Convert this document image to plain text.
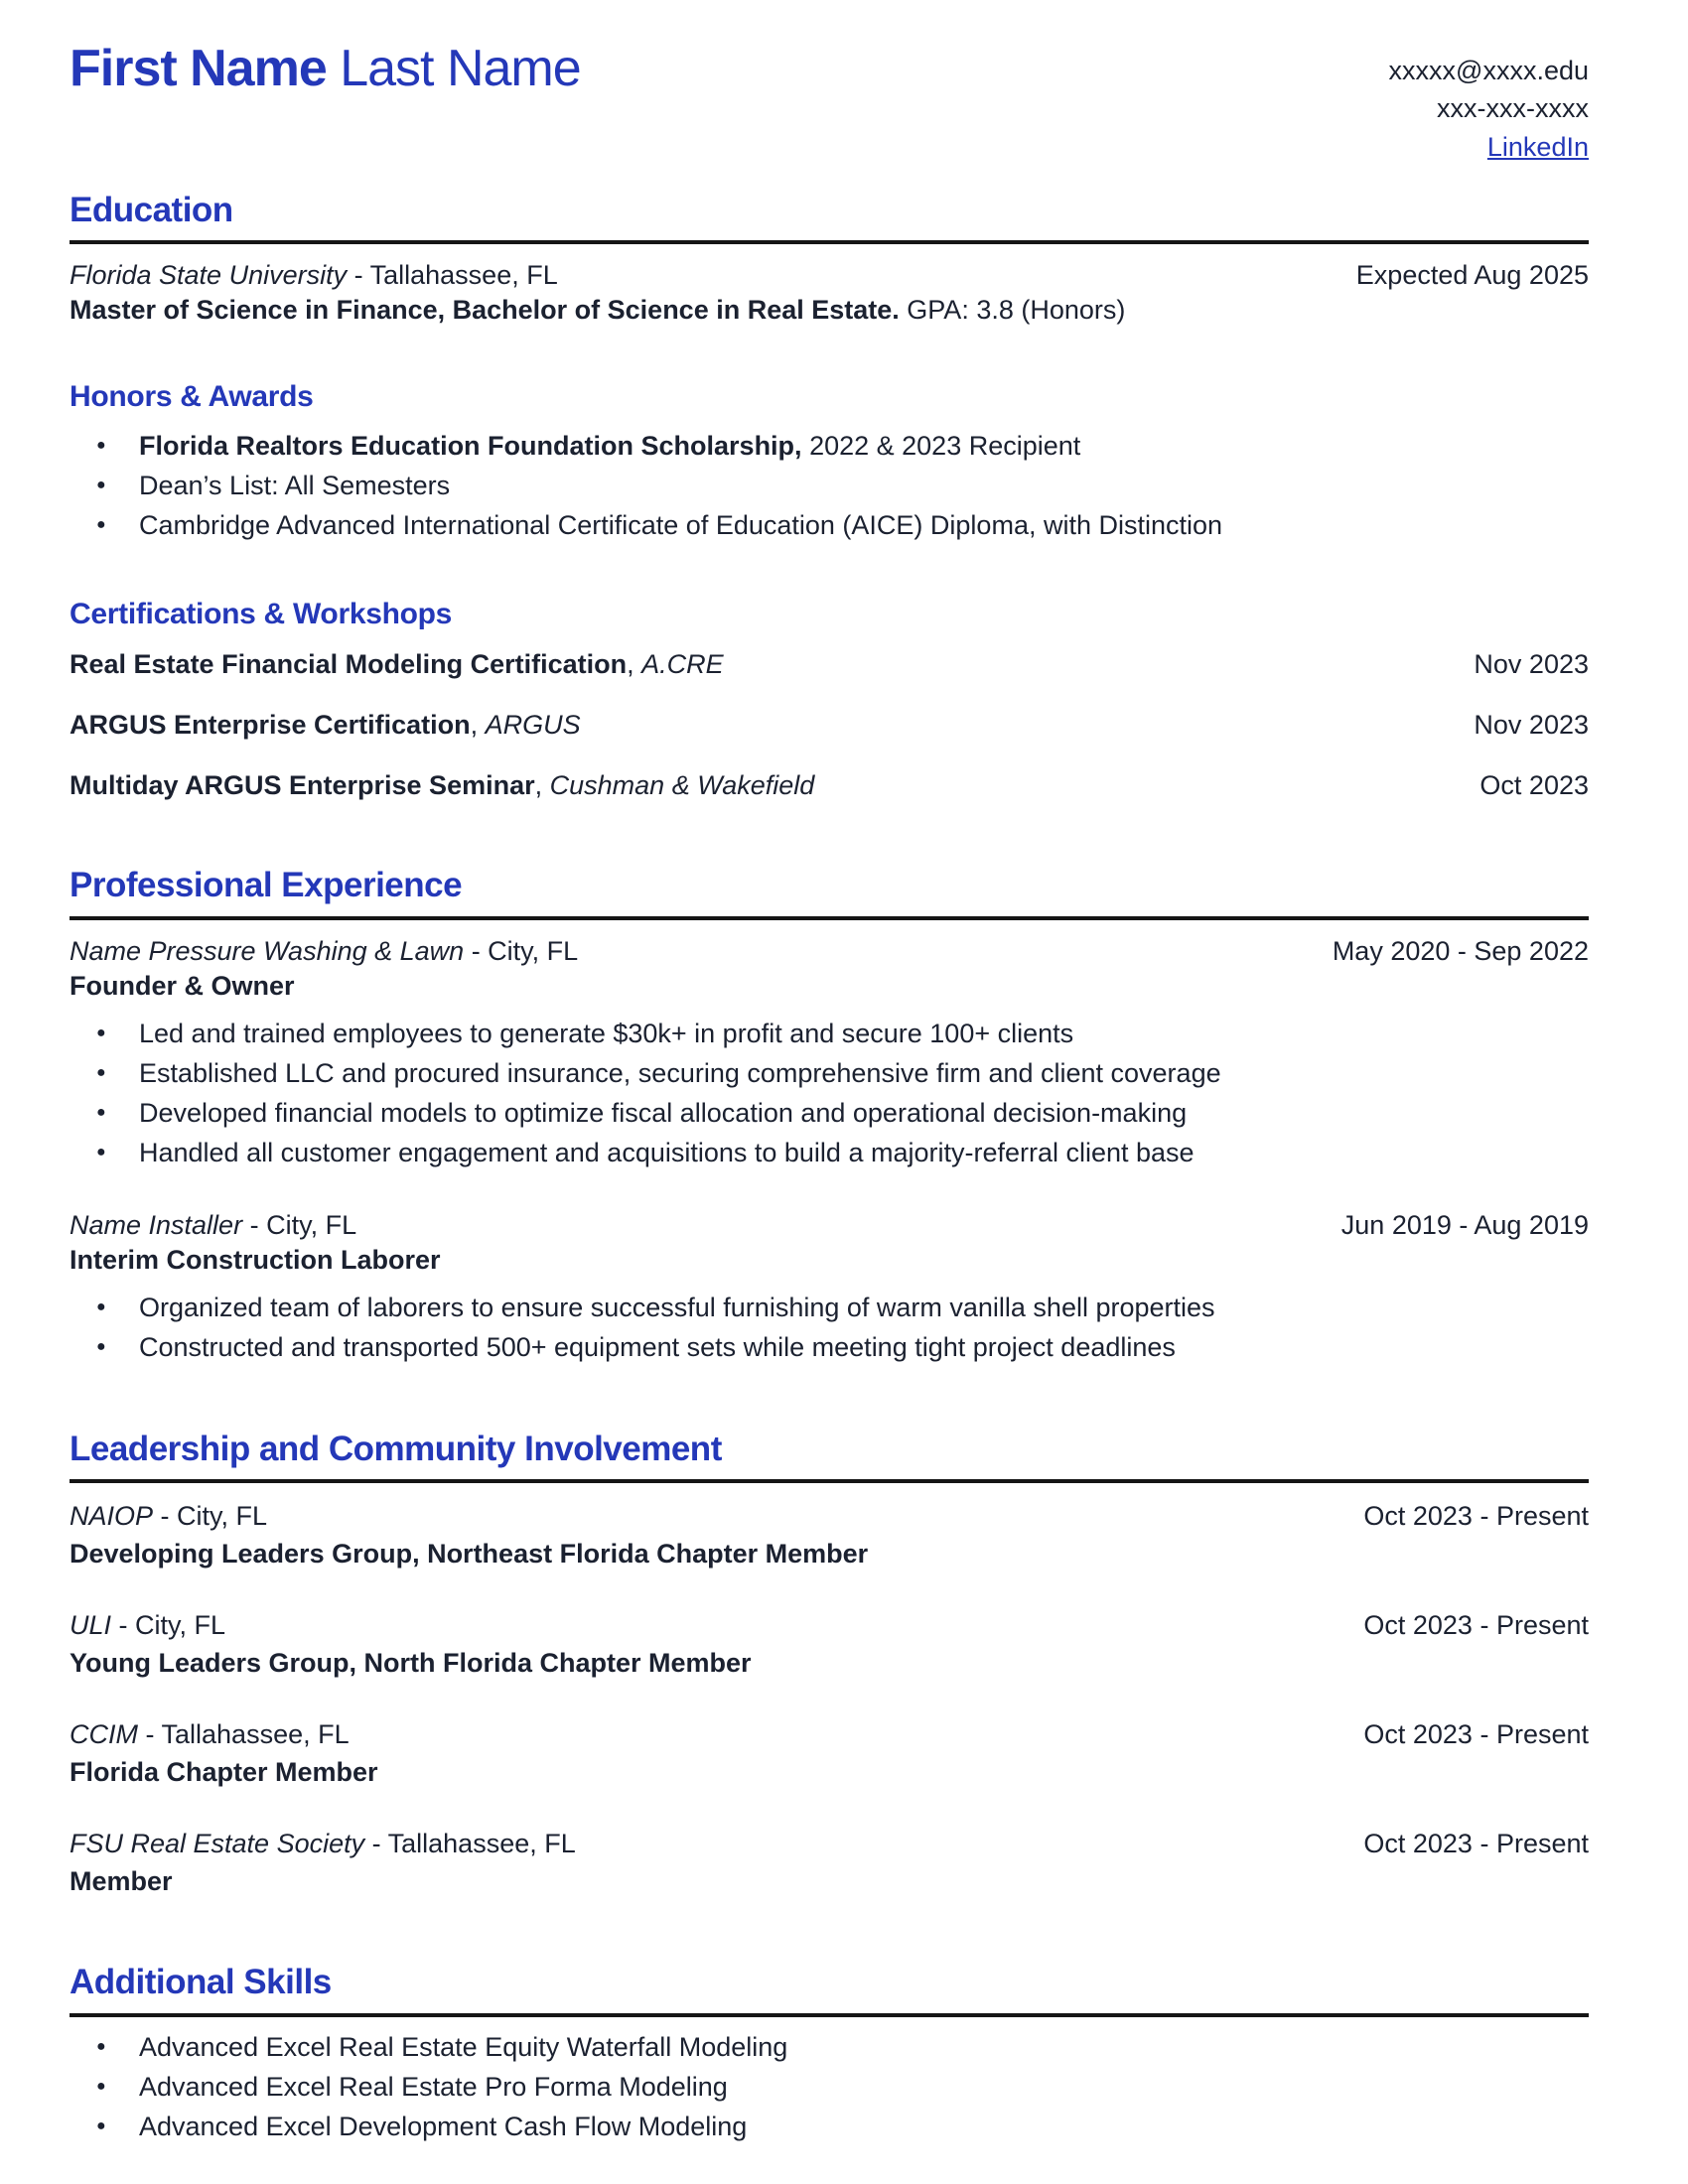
First Name Last Name	xxxxx@xxxx.edu
xxx-xxx-xxxx
LinkedIn
Education
Florida State University - Tallahassee, FL	Expected Aug 2025
Master of Science in Finance, Bachelor of Science in Real Estate. GPA: 3.8 (Honors)
Honors & Awards
● Florida Realtors Education Foundation Scholarship, 2022 & 2023 Recipient
● Dean’s List: All Semesters
● Cambridge Advanced International Certificate of Education (AICE) Diploma, with Distinction
Certifications & Workshops
Real Estate Financial Modeling Certification, A.CRE	Nov 2023
ARGUS Enterprise Certification, ARGUS	Nov 2023
Multiday ARGUS Enterprise Seminar, Cushman & Wakefield	Oct 2023
Professional Experience
Name Pressure Washing & Lawn - City, FL	May 2020 - Sep 2022
Founder & Owner
● Led and trained employees to generate $30k+ in profit and secure 100+ clients
● Established LLC and procured insurance, securing comprehensive firm and client coverage
● Developed financial models to optimize fiscal allocation and operational decision-making
● Handled all customer engagement and acquisitions to build a majority-referral client base
Name Installer - City, FL	Jun 2019 - Aug 2019
Interim Construction Laborer
● Organized team of laborers to ensure successful furnishing of warm vanilla shell properties
● Constructed and transported 500+ equipment sets while meeting tight project deadlines
Leadership and Community Involvement
NAIOP - City, FL	Oct 2023 - Present
Developing Leaders Group, Northeast Florida Chapter Member
ULI - City, FL	Oct 2023 - Present
Young Leaders Group, North Florida Chapter Member
CCIM - Tallahassee, FL	Oct 2023 - Present
Florida Chapter Member
FSU Real Estate Society - Tallahassee, FL	Oct 2023 - Present
Member
Additional Skills
● Advanced Excel Real Estate Equity Waterfall Modeling
● Advanced Excel Real Estate Pro Forma Modeling
● Advanced Excel Development Cash Flow Modeling
